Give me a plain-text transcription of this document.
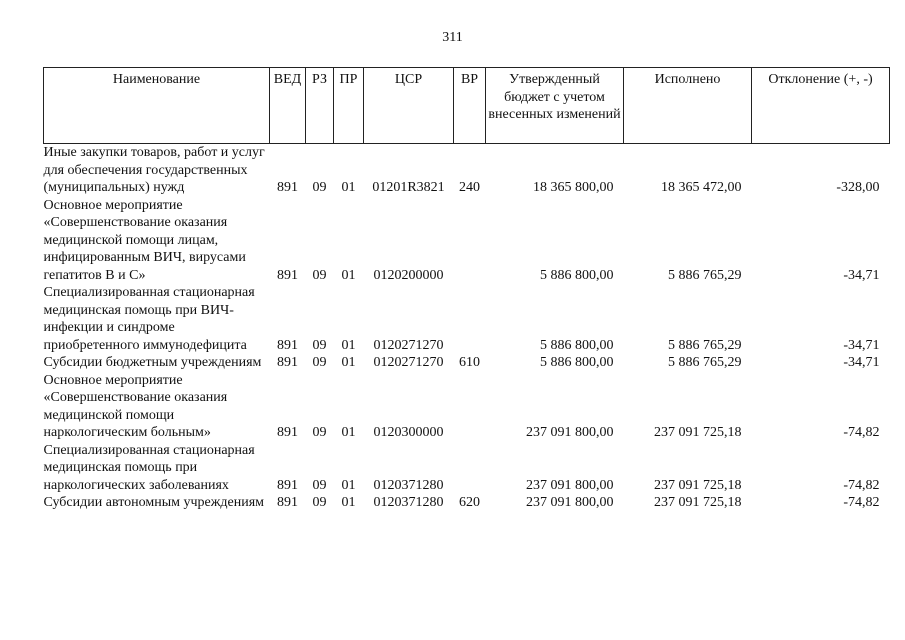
311
Наименование	ВЕД	РЗ	ПР	ЦСР	ВР	Утвержденный бюджет с учетом внесенных изменений	Исполнено	Отклонение (+, -)
Иные закупки товаров, работ и услуг для обеспечения государственных (муниципальных) нужд	891	09	01	01201R3821	240	18 365 800,00	18 365 472,00	-328,00
Основное мероприятие «Совершенствование оказания медицинской помощи лицам, инфицированным ВИЧ, вирусами гепатитов В и С»	891	09	01	0120200000		5 886 800,00	5 886 765,29	-34,71
Специализированная стационарная медицинская помощь при ВИЧ-инфекции и синдроме приобретенного иммунодефицита	891	09	01	0120271270		5 886 800,00	5 886 765,29	-34,71
Субсидии бюджетным учреждениям	891	09	01	0120271270	610	5 886 800,00	5 886 765,29	-34,71
Основное мероприятие «Совершенствование оказания медицинской помощи наркологическим больным»	891	09	01	0120300000		237 091 800,00	237 091 725,18	-74,82
Специализированная стационарная медицинская помощь при наркологических заболеваниях	891	09	01	0120371280		237 091 800,00	237 091 725,18	-74,82
Субсидии автономным учреждениям	891	09	01	0120371280	620	237 091 800,00	237 091 725,18	-74,82
